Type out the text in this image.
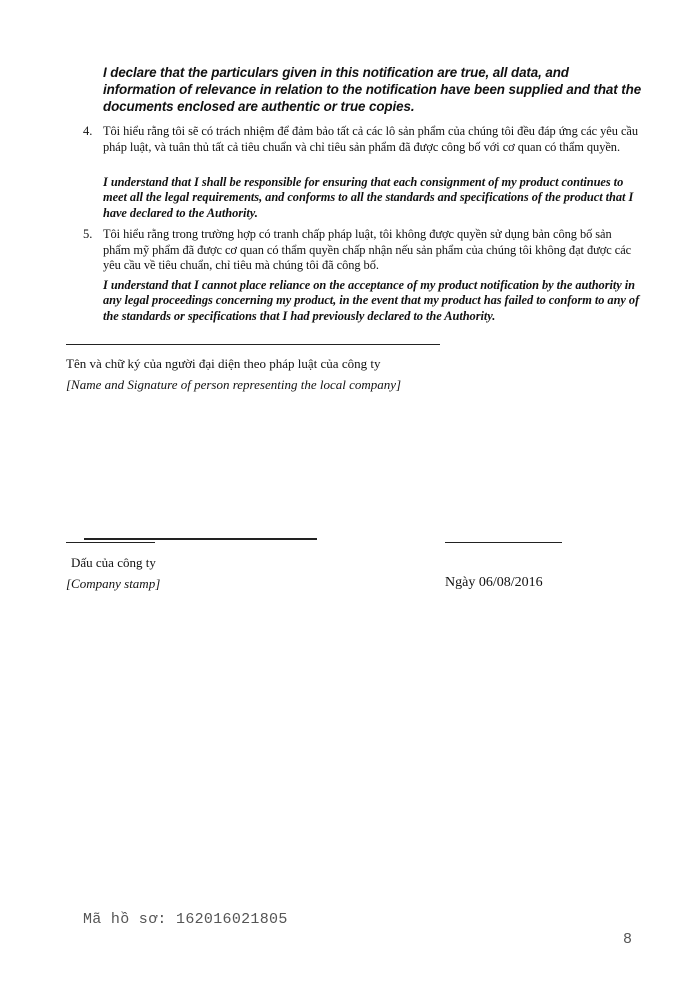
I declare that the particulars given in this notification are true, all data, and information of relevance in relation to the notification have been supplied and that the documents enclosed are authentic or true copies.
4. Tôi hiểu rằng tôi sẽ có trách nhiệm để đảm bảo tất cả các lô sản phẩm của chúng tôi đều đáp ứng các yêu cầu pháp luật, và tuân thủ tất cả tiêu chuẩn và chỉ tiêu sản phẩm đã được công bố với cơ quan có thẩm quyền.
I understand that I shall be responsible for ensuring that each consignment of my product continues to meet all the legal requirements, and conforms to all the standards and specifications of the product that I have declared to the Authority.
5. Tôi hiểu rằng trong trường hợp có tranh chấp pháp luật, tôi không được quyền sử dụng bản công bố sản phẩm mỹ phẩm đã được cơ quan có thẩm quyền chấp nhận nếu sản phẩm của chúng tôi không đạt được các yêu cầu về tiêu chuẩn, chỉ tiêu mà chúng tôi đã công bố.
I understand that I cannot place reliance on the acceptance of my product notification by the authority in any legal proceedings concerning my product, in the event that my product has failed to conform to any of the standards or specifications that I had previously declared to the Authority.
Tên và chữ ký của người đại diện theo pháp luật của công ty
[Name and Signature of person representing the local company]
Dấu của công ty
[Company stamp]	Ngày 06/08/2016
Mã hồ sơ: 162016021805
8
